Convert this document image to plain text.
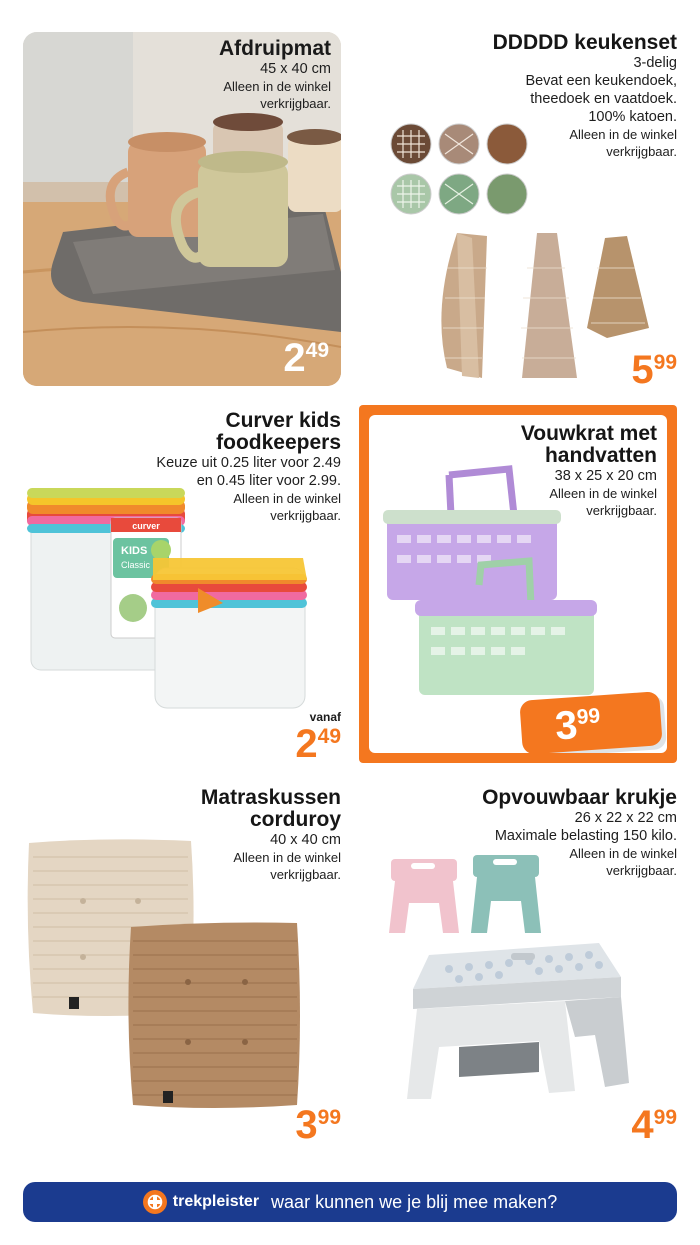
Afdruipmat
45 x 40 cm
Alleen in de winkel
verkrijgbaar.
249
DDDDD keukenset
3-delig
Bevat een keukendoek,
theedoek en vaatdoek.
100% katoen.
Alleen in de winkel
verkrijgbaar.
599
Curver kids
foodkeepers
Keuze uit 0.25 liter voor 2.49
en 0.45 liter voor 2.99.
Alleen in de winkel
verkrijgbaar.
curver
KIDS
Classic
vanaf
249
Vouwkrat met
handvatten
38 x 25 x 20 cm
Alleen in de winkel
verkrijgbaar.
399
Matraskussen
corduroy
40 x 40 cm
Alleen in de winkel
verkrijgbaar.
399
Opvouwbaar krukje
26 x 22 x 22 cm
Maximale belasting 150 kilo.
Alleen in de winkel
verkrijgbaar.
499
trekpleister waar kunnen we je blij mee maken?
